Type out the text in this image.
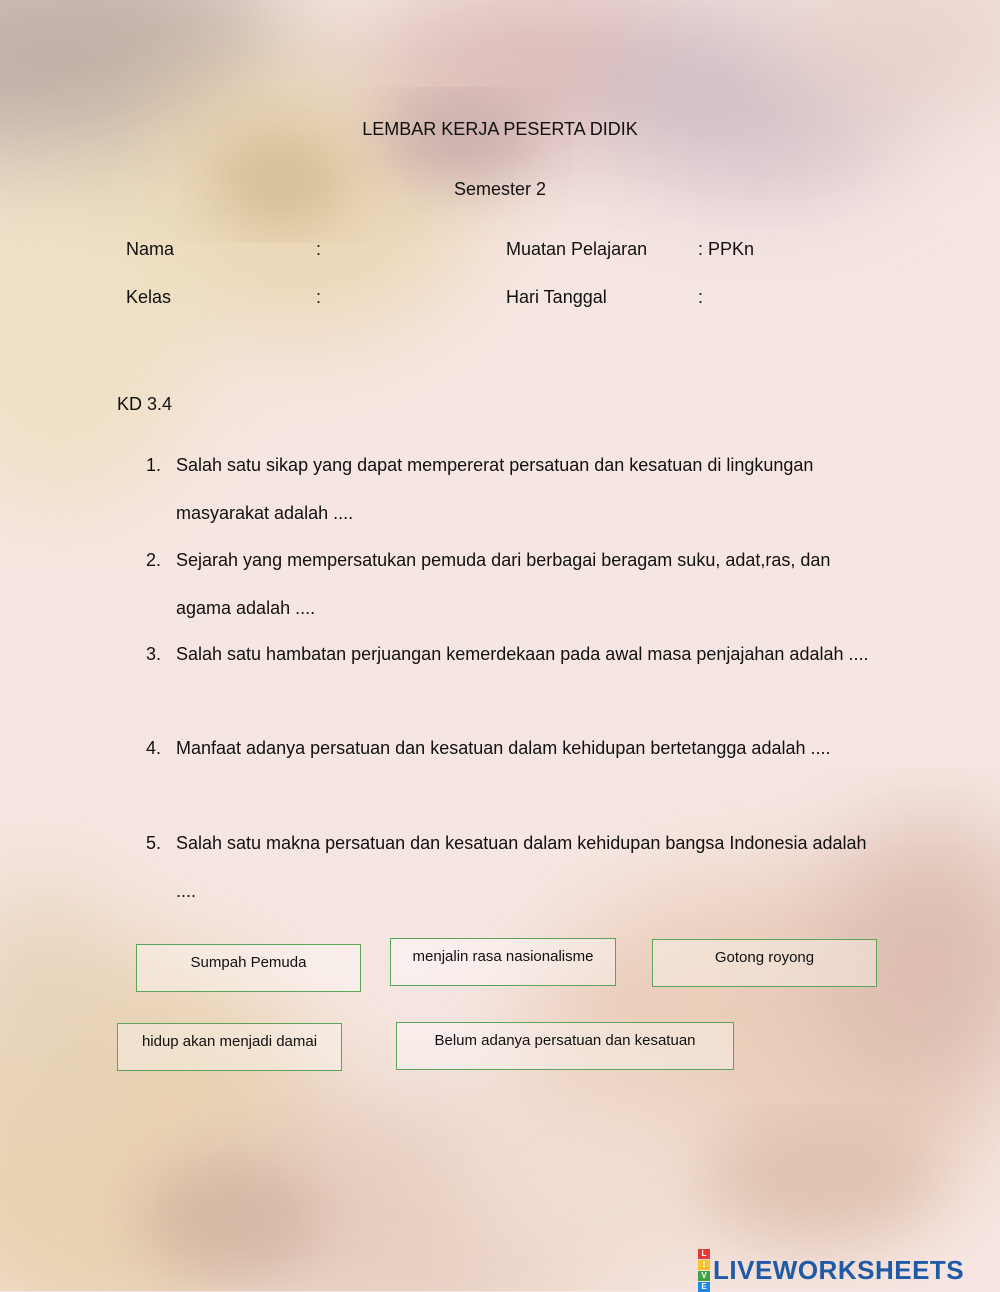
LEMBAR KERJA PESERTA DIDIK
Semester 2
Nama	:	Muatan Pelajaran	: PPKn
Kelas	:	Hari Tanggal	:
KD 3.4
1. Salah satu sikap yang dapat mempererat persatuan dan kesatuan di lingkungan masyarakat adalah ....
2. Sejarah yang mempersatukan pemuda dari berbagai beragam suku, adat,ras, dan agama adalah ....
3. Salah satu hambatan perjuangan kemerdekaan pada awal masa penjajahan adalah ....
4. Manfaat adanya persatuan dan kesatuan dalam kehidupan bertetangga adalah ....
5. Salah satu makna persatuan dan kesatuan dalam kehidupan bangsa Indonesia adalah ....
Sumpah Pemuda	menjalin rasa nasionalisme	Gotong royong
hidup akan menjadi damai	Belum adanya persatuan dan kesatuan
L
I
V
E
LIVEWORKSHEETS
